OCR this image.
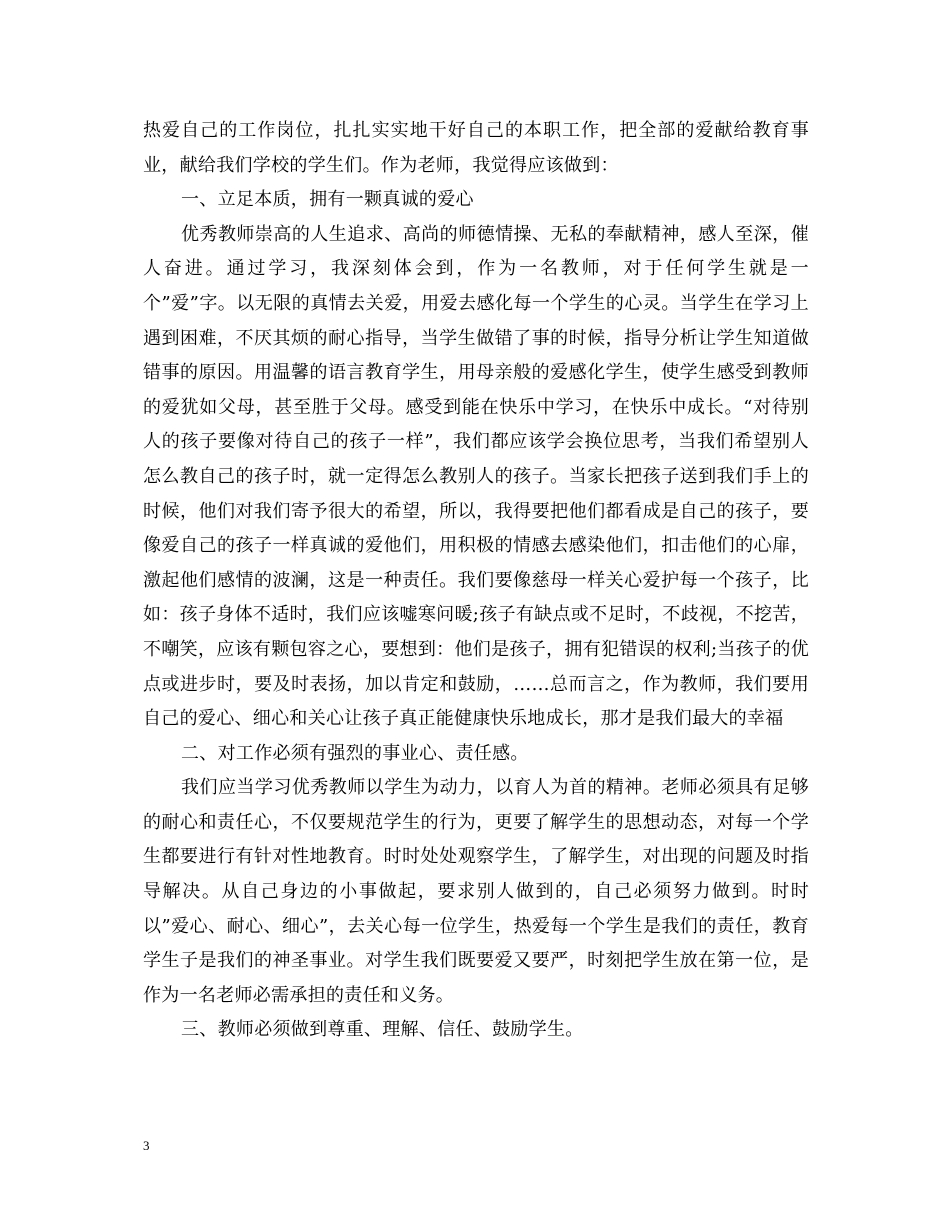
热爱自己的工作岗位，扎扎实实地干好自己的本职工作，把全部的爱献给教育事业，献给我们学校的学生们。作为老师，我觉得应该做到：

一、立足本质，拥有一颗真诚的爱心

优秀教师崇高的人生追求、高尚的师德情操、无私的奉献精神，感人至深，催人奋进。通过学习，我深刻体会到，作为一名教师，对于任何学生就是一个”爱”字。以无限的真情去关爱，用爱去感化每一个学生的心灵。当学生在学习上遇到困难，不厌其烦的耐心指导，当学生做错了事的时候，指导分析让学生知道做错事的原因。用温馨的语言教育学生，用母亲般的爱感化学生，使学生感受到教师的爱犹如父母，甚至胜于父母。感受到能在快乐中学习，在快乐中成长。“对待别人的孩子要像对待自己的孩子一样”，我们都应该学会换位思考，当我们希望别人怎么教自己的孩子时，就一定得怎么教别人的孩子。当家长把孩子送到我们手上的时候，他们对我们寄予很大的希望，所以，我得要把他们都看成是自己的孩子，要像爱自己的孩子一样真诚的爱他们，用积极的情感去感染他们，扣击他们的心扉，激起他们感情的波澜，这是一种责任。我们要像慈母一样关心爱护每一个孩子，比如：孩子身体不适时，我们应该嘘寒问暖;孩子有缺点或不足时，不歧视，不挖苦，不嘲笑，应该有颗包容之心，要想到：他们是孩子，拥有犯错误的权利;当孩子的优点或进步时，要及时表扬，加以肯定和鼓励，……总而言之，作为教师，我们要用自己的爱心、细心和关心让孩子真正能健康快乐地成长，那才是我们最大的幸福

二、对工作必须有强烈的事业心、责任感。

我们应当学习优秀教师以学生为动力，以育人为首的精神。老师必须具有足够的耐心和责任心，不仅要规范学生的行为，更要了解学生的思想动态，对每一个学生都要进行有针对性地教育。时时处处观察学生，了解学生，对出现的问题及时指导解决。从自己身边的小事做起，要求别人做到的，自己必须努力做到。时时以”爱心、耐心、细心”，去关心每一位学生，热爱每一个学生是我们的责任，教育学生子是我们的神圣事业。对学生我们既要爱又要严，时刻把学生放在第一位，是作为一名老师必需承担的责任和义务。

三、教师必须做到尊重、理解、信任、鼓励学生。

3
